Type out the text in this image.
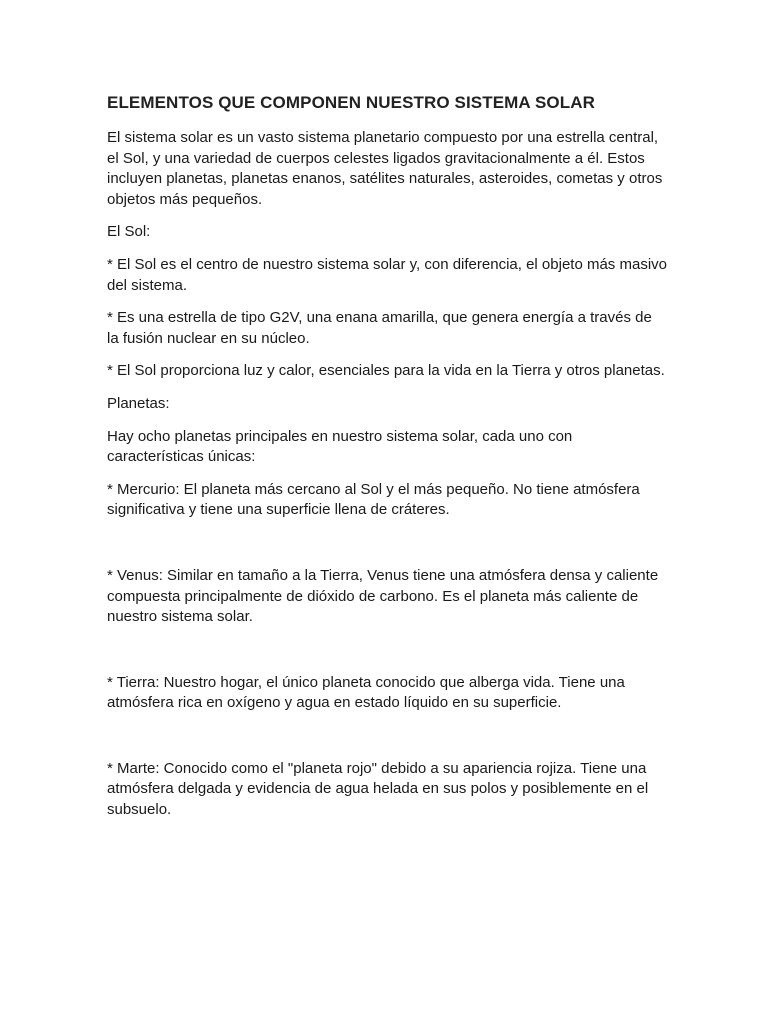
ELEMENTOS QUE COMPONEN NUESTRO SISTEMA SOLAR

El sistema solar es un vasto sistema planetario compuesto por una estrella central, el Sol, y una variedad de cuerpos celestes ligados gravitacionalmente a él. Estos incluyen planetas, planetas enanos, satélites naturales, asteroides, cometas y otros objetos más pequeños.

El Sol:

* El Sol es el centro de nuestro sistema solar y, con diferencia, el objeto más masivo del sistema.

* Es una estrella de tipo G2V, una enana amarilla, que genera energía a través de la fusión nuclear en su núcleo.

* El Sol proporciona luz y calor, esenciales para la vida en la Tierra y otros planetas.

Planetas:

Hay ocho planetas principales en nuestro sistema solar, cada uno con características únicas:

* Mercurio: El planeta más cercano al Sol y el más pequeño. No tiene atmósfera significativa y tiene una superficie llena de cráteres.

* Venus: Similar en tamaño a la Tierra, Venus tiene una atmósfera densa y caliente compuesta principalmente de dióxido de carbono. Es el planeta más caliente de nuestro sistema solar.

* Tierra: Nuestro hogar, el único planeta conocido que alberga vida. Tiene una atmósfera rica en oxígeno y agua en estado líquido en su superficie.

* Marte: Conocido como el "planeta rojo" debido a su apariencia rojiza. Tiene una atmósfera delgada y evidencia de agua helada en sus polos y posiblemente en el subsuelo.
